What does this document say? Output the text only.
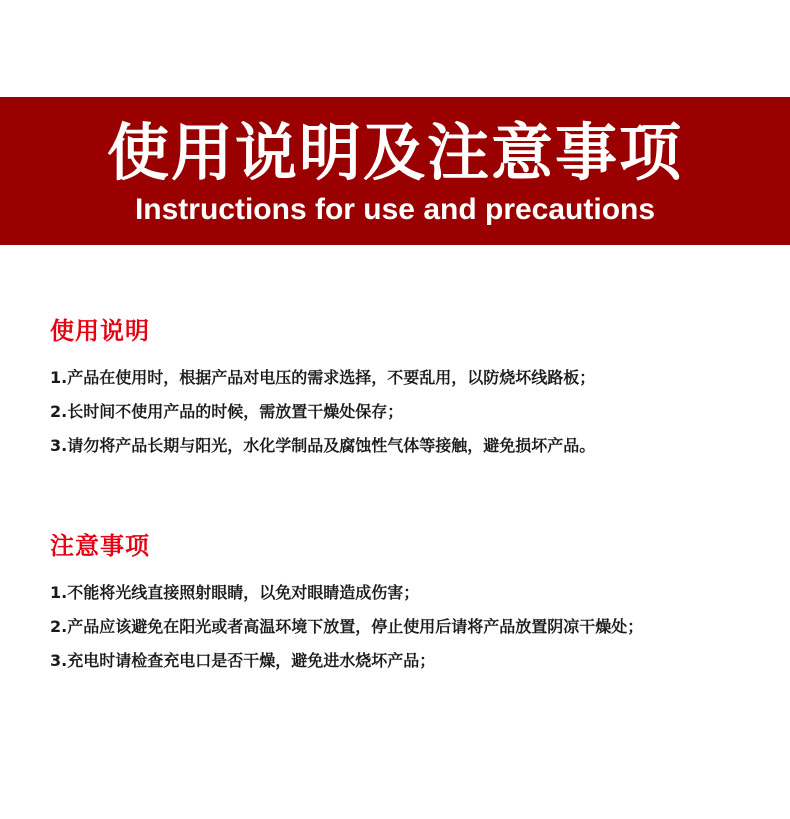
使用说明及注意事项
Instructions for use and precautions
使用说明
1.产品在使用时，根据产品对电压的需求选择，不要乱用，以防烧坏线路板；
2.长时间不使用产品的时候，需放置干燥处保存；
3.请勿将产品长期与阳光，水化学制品及腐蚀性气体等接触，避免损坏产品。
注意事项
1.不能将光线直接照射眼睛，以免对眼睛造成伤害；
2.产品应该避免在阳光或者高温环境下放置，停止使用后请将产品放置阴凉干燥处；
3.充电时请检查充电口是否干燥，避免进水烧坏产品；
